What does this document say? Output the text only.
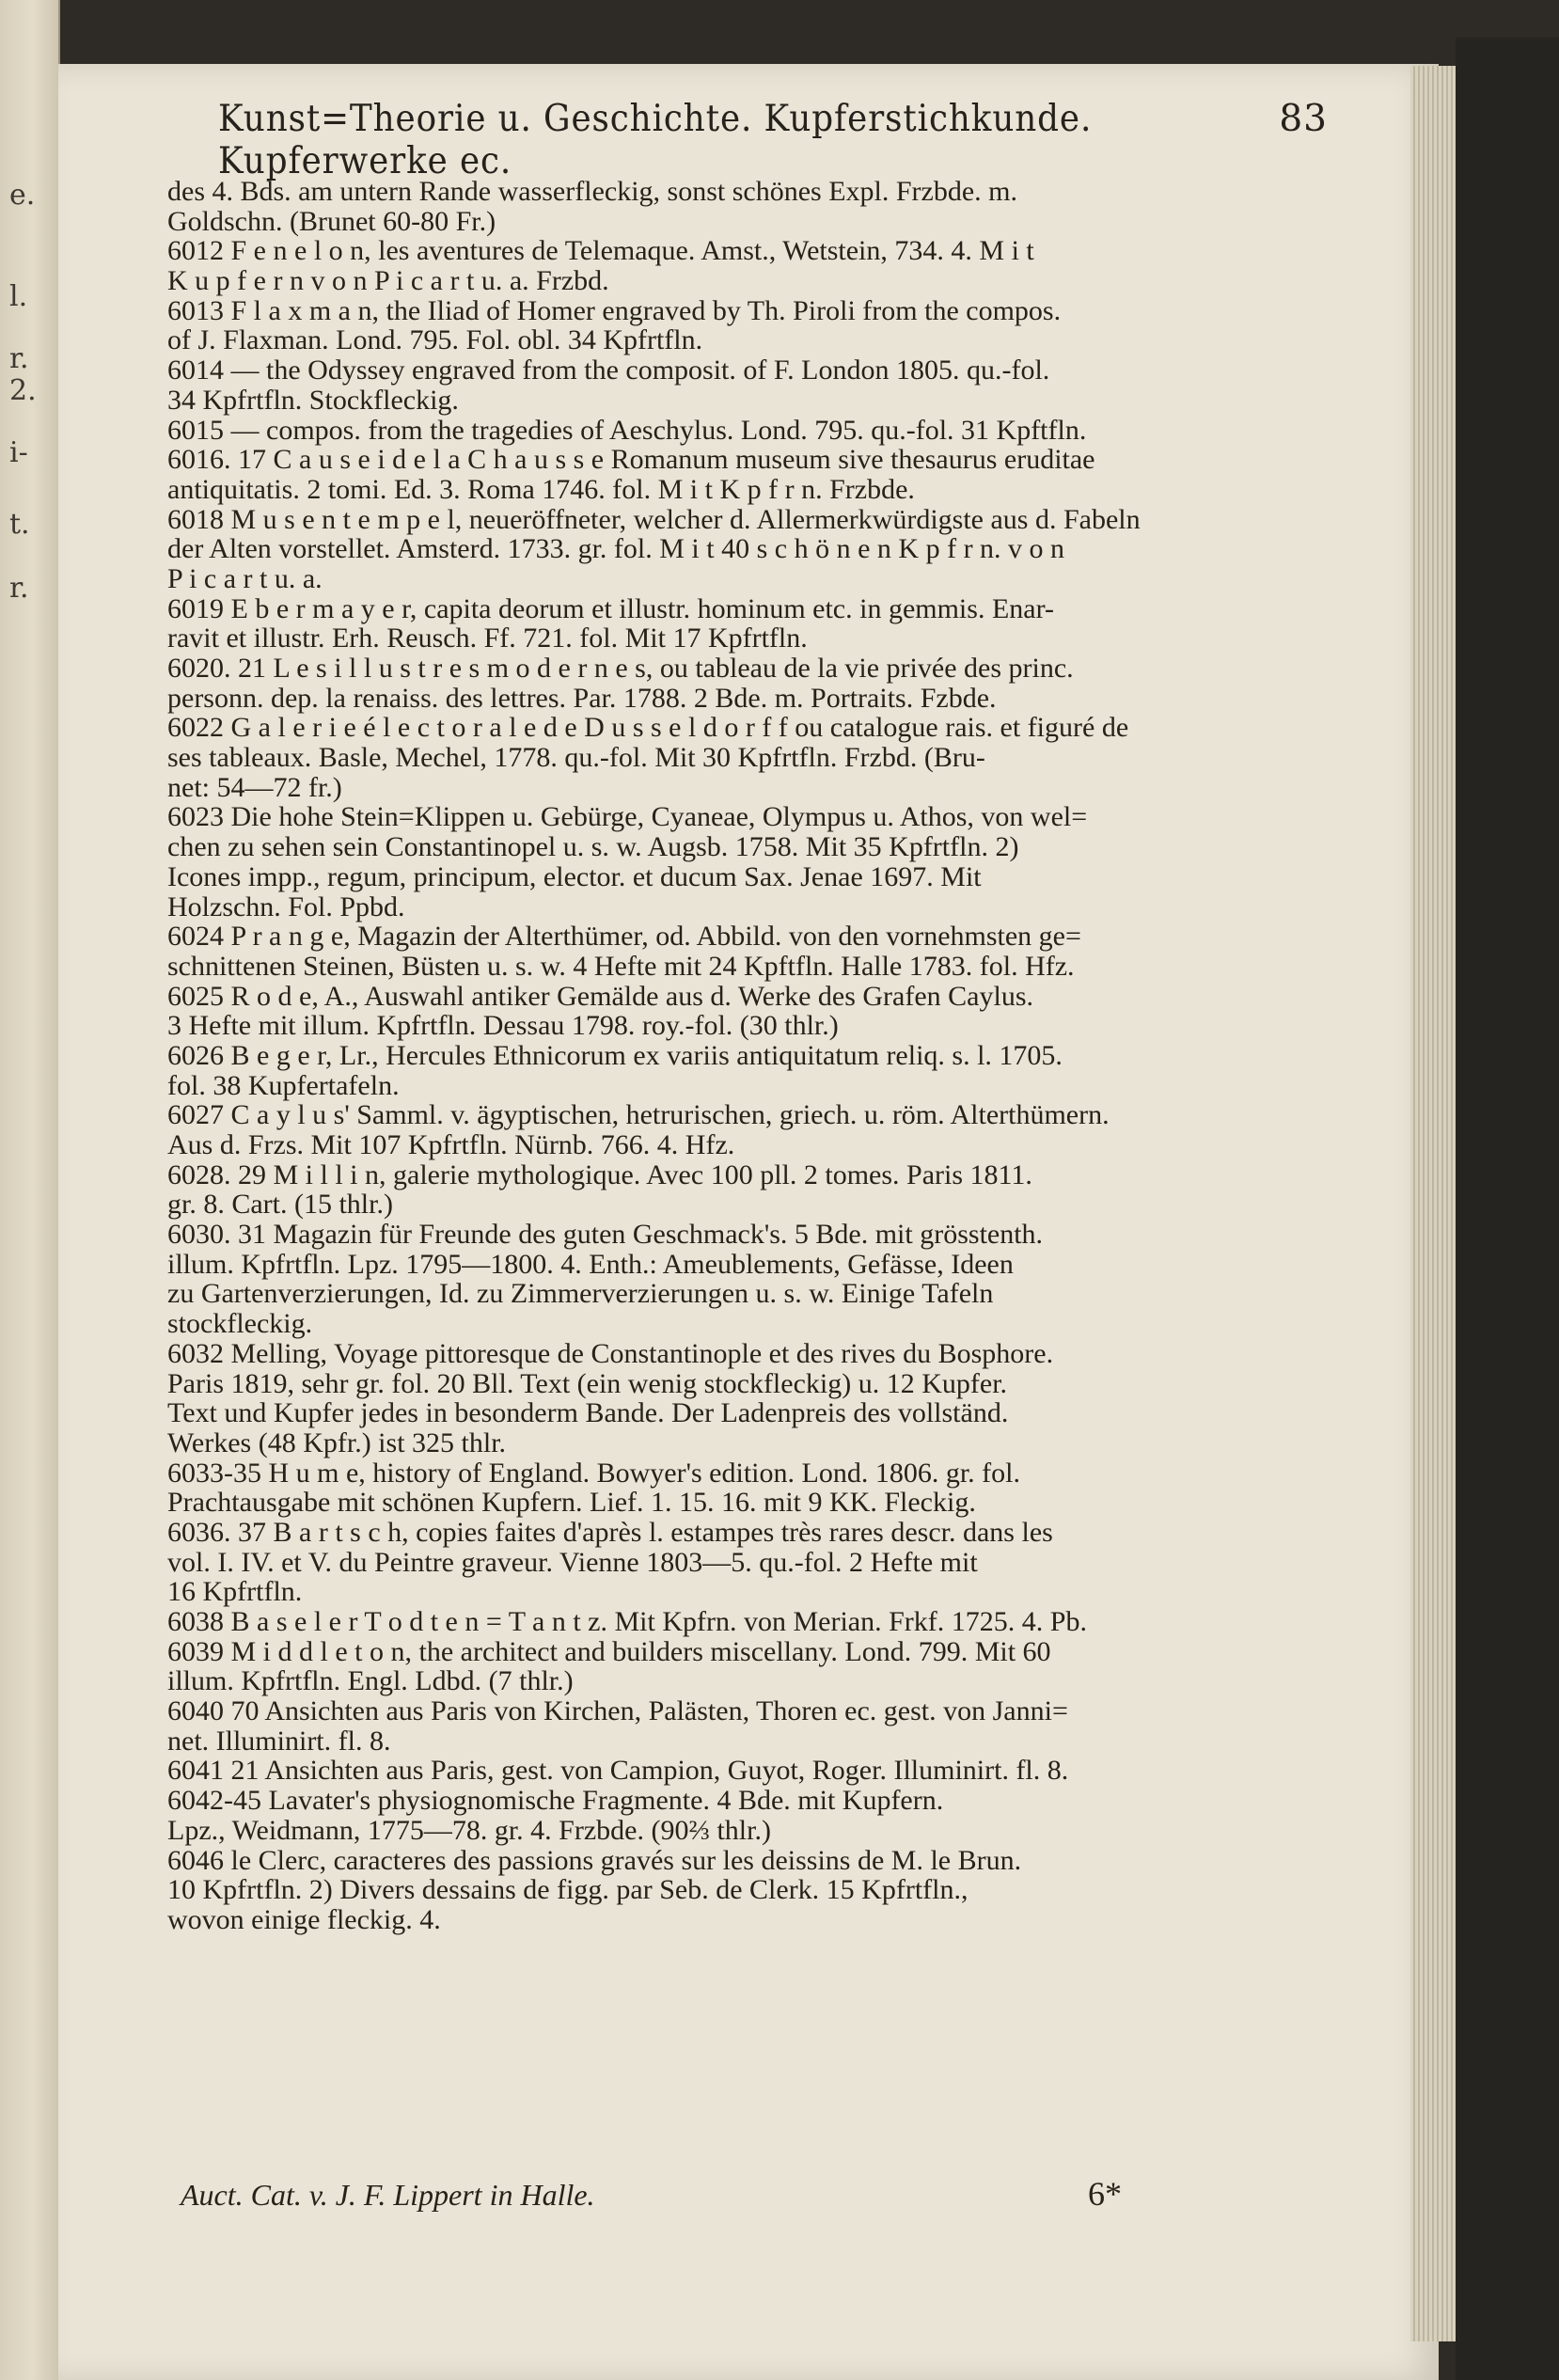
e.
l.
r.
2.
i-
t.
r.
Kunst=Theorie u. Geschichte. Kupferstichkunde. Kupferwerke ec.
83
des 4. Bds. am untern Rande wasserfleckig, sonst schönes Expl. Frzbde. m.
Goldschn. (Brunet 60-80 Fr.)
6012 F e n e l o n, les aventures de Telemaque. Amst., Wetstein, 734. 4. M i t
K u p f e r n v o n P i c a r t u. a. Frzbd.
6013 F l a x m a n, the Iliad of Homer engraved by Th. Piroli from the compos.
of J. Flaxman. Lond. 795. Fol. obl. 34 Kpfrtfln.
6014 — the Odyssey engraved from the composit. of F. London 1805. qu.-fol.
34 Kpfrtfln. Stockfleckig.
6015 — compos. from the tragedies of Aeschylus. Lond. 795. qu.-fol. 31 Kpftfln.
6016. 17 C a u s e i d e l a C h a u s s e Romanum museum sive thesaurus eruditae
antiquitatis. 2 tomi. Ed. 3. Roma 1746. fol. M i t K p f r n. Frzbde.
6018 M u s e n t e m p e l, neueröffneter, welcher d. Allermerkwürdigste aus d. Fabeln
der Alten vorstellet. Amsterd. 1733. gr. fol. M i t 40 s c h ö n e n K p f r n. v o n
P i c a r t u. a.
6019 E b e r m a y e r, capita deorum et illustr. hominum etc. in gemmis. Enar-
ravit et illustr. Erh. Reusch. Ff. 721. fol. Mit 17 Kpfrtfln.
6020. 21 L e s i l l u s t r e s m o d e r n e s, ou tableau de la vie privée des princ.
personn. dep. la renaiss. des lettres. Par. 1788. 2 Bde. m. Portraits. Fzbde.
6022 G a l e r i e é l e c t o r a l e d e D u s s e l d o r f f ou catalogue rais. et figuré de
ses tableaux. Basle, Mechel, 1778. qu.-fol. Mit 30 Kpfrtfln. Frzbd. (Bru-
net: 54—72 fr.)
6023 Die hohe Stein=Klippen u. Gebürge, Cyaneae, Olympus u. Athos, von wel=
chen zu sehen sein Constantinopel u. s. w. Augsb. 1758. Mit 35 Kpfrtfln. 2)
Icones impp., regum, principum, elector. et ducum Sax. Jenae 1697. Mit
Holzschn. Fol. Ppbd.
6024 P r a n g e, Magazin der Alterthümer, od. Abbild. von den vornehmsten ge=
schnittenen Steinen, Büsten u. s. w. 4 Hefte mit 24 Kpftfln. Halle 1783. fol. Hfz.
6025 R o d e, A., Auswahl antiker Gemälde aus d. Werke des Grafen Caylus.
3 Hefte mit illum. Kpfrtfln. Dessau 1798. roy.-fol. (30 thlr.)
6026 B e g e r, Lr., Hercules Ethnicorum ex variis antiquitatum reliq. s. l. 1705.
fol. 38 Kupfertafeln.
6027 C a y l u s' Samml. v. ägyptischen, hetrurischen, griech. u. röm. Alterthümern.
Aus d. Frzs. Mit 107 Kpfrtfln. Nürnb. 766. 4. Hfz.
6028. 29 M i l l i n, galerie mythologique. Avec 100 pll. 2 tomes. Paris 1811.
gr. 8. Cart. (15 thlr.)
6030. 31 Magazin für Freunde des guten Geschmack's. 5 Bde. mit grösstenth.
illum. Kpfrtfln. Lpz. 1795—1800. 4. Enth.: Ameublements, Gefässe, Ideen
zu Gartenverzierungen, Id. zu Zimmerverzierungen u. s. w. Einige Tafeln
stockfleckig.
6032 Melling, Voyage pittoresque de Constantinople et des rives du Bosphore.
Paris 1819, sehr gr. fol. 20 Bll. Text (ein wenig stockfleckig) u. 12 Kupfer.
Text und Kupfer jedes in besonderm Bande. Der Ladenpreis des vollständ.
Werkes (48 Kpfr.) ist 325 thlr.
6033-35 H u m e, history of England. Bowyer's edition. Lond. 1806. gr. fol.
Prachtausgabe mit schönen Kupfern. Lief. 1. 15. 16. mit 9 KK. Fleckig.
6036. 37 B a r t s c h, copies faites d'après l. estampes très rares descr. dans les
vol. I. IV. et V. du Peintre graveur. Vienne 1803—5. qu.-fol. 2 Hefte mit
16 Kpfrtfln.
6038 B a s e l e r T o d t e n = T a n t z. Mit Kpfrn. von Merian. Frkf. 1725. 4. Pb.
6039 M i d d l e t o n, the architect and builders miscellany. Lond. 799. Mit 60
illum. Kpfrtfln. Engl. Ldbd. (7 thlr.)
6040 70 Ansichten aus Paris von Kirchen, Palästen, Thoren ec. gest. von Janni=
net. Illuminirt. fl. 8.
6041 21 Ansichten aus Paris, gest. von Campion, Guyot, Roger. Illuminirt. fl. 8.
6042-45 Lavater's physiognomische Fragmente. 4 Bde. mit Kupfern.
Lpz., Weidmann, 1775—78. gr. 4. Frzbde. (90⅔ thlr.)
6046 le Clerc, caracteres des passions gravés sur les deissins de M. le Brun.
10 Kpfrtfln. 2) Divers dessains de figg. par Seb. de Clerk. 15 Kpfrtfln.,
wovon einige fleckig. 4.
Auct. Cat. v. J. F. Lippert in Halle.	6*
